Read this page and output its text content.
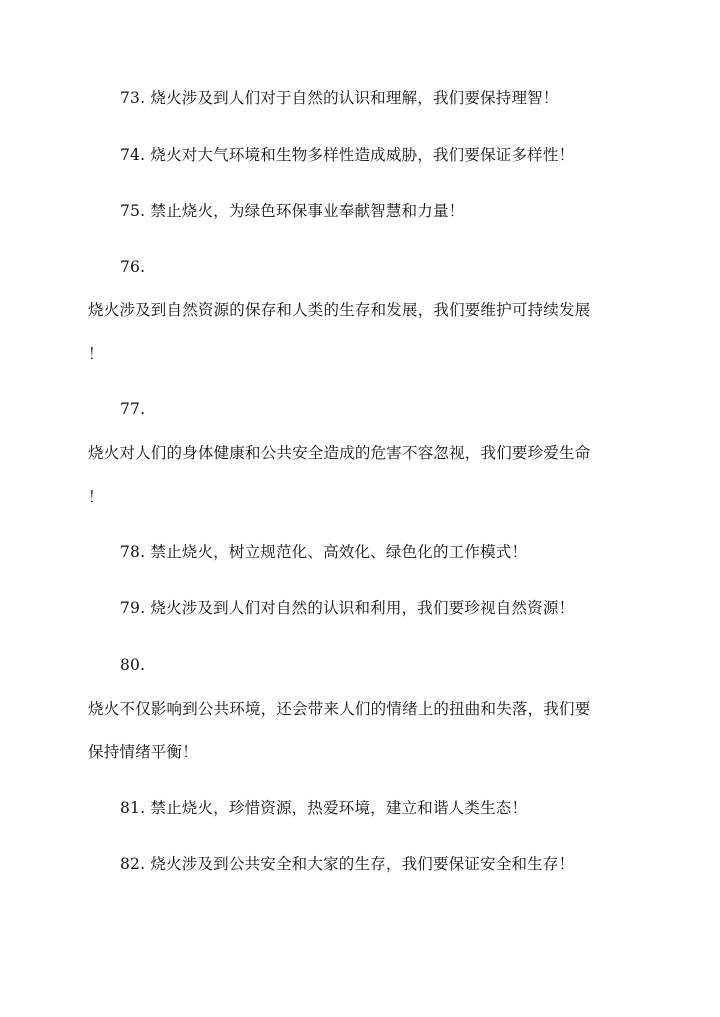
73. 烧火涉及到人们对于自然的认识和理解，我们要保持理智！
74. 烧火对大气环境和生物多样性造成威胁，我们要保证多样性！
75. 禁止烧火，为绿色环保事业奉献智慧和力量！
76.
烧火涉及到自然资源的保存和人类的生存和发展，我们要维护可持续发展
！
77.
烧火对人们的身体健康和公共安全造成的危害不容忽视，我们要珍爱生命
！
78. 禁止烧火，树立规范化、高效化、绿色化的工作模式！
79. 烧火涉及到人们对自然的认识和利用，我们要珍视自然资源！
80.
烧火不仅影响到公共环境，还会带来人们的情绪上的扭曲和失落，我们要
保持情绪平衡！
81. 禁止烧火，珍惜资源，热爱环境，建立和谐人类生态！
82. 烧火涉及到公共安全和大家的生存，我们要保证安全和生存！
